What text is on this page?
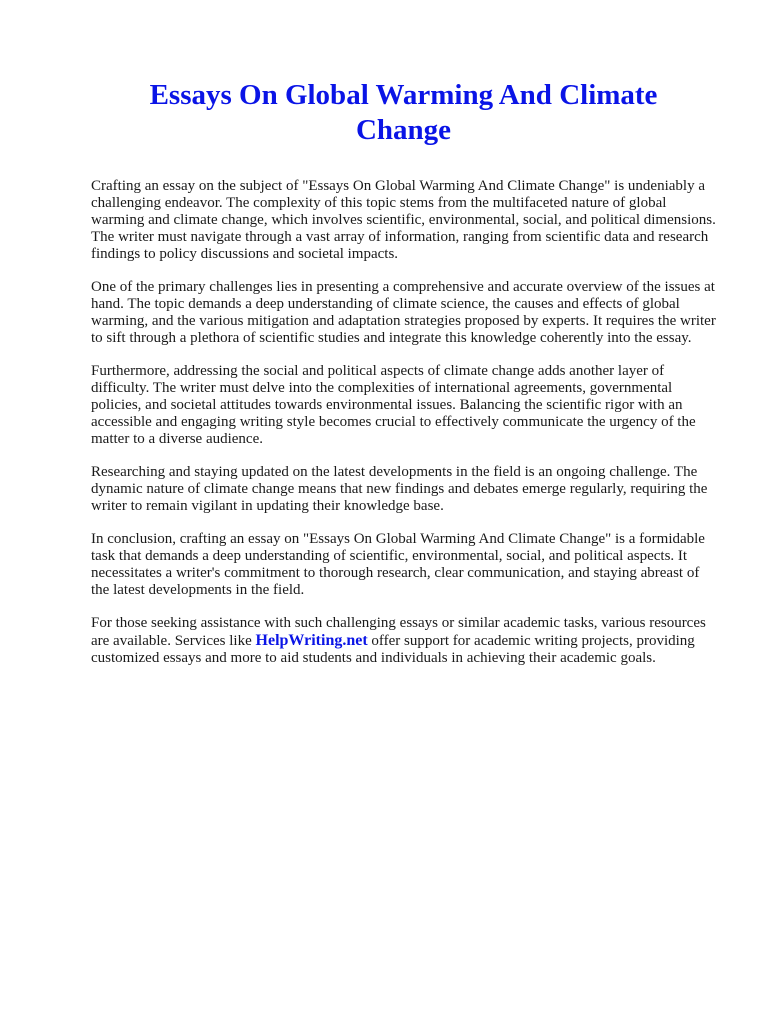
Essays On Global Warming And Climate
Change

Crafting an essay on the subject of "Essays On Global Warming And Climate Change" is undeniably a challenging endeavor. The complexity of this topic stems from the multifaceted nature of global warming and climate change, which involves scientific, environmental, social, and political dimensions. The writer must navigate through a vast array of information, ranging from scientific data and research findings to policy discussions and societal impacts.

One of the primary challenges lies in presenting a comprehensive and accurate overview of the issues at hand. The topic demands a deep understanding of climate science, the causes and effects of global warming, and the various mitigation and adaptation strategies proposed by experts. It requires the writer to sift through a plethora of scientific studies and integrate this knowledge coherently into the essay.

Furthermore, addressing the social and political aspects of climate change adds another layer of difficulty. The writer must delve into the complexities of international agreements, governmental policies, and societal attitudes towards environmental issues. Balancing the scientific rigor with an accessible and engaging writing style becomes crucial to effectively communicate the urgency of the matter to a diverse audience.

Researching and staying updated on the latest developments in the field is an ongoing challenge. The dynamic nature of climate change means that new findings and debates emerge regularly, requiring the writer to remain vigilant in updating their knowledge base.

In conclusion, crafting an essay on "Essays On Global Warming And Climate Change" is a formidable task that demands a deep understanding of scientific, environmental, social, and political aspects. It necessitates a writer's commitment to thorough research, clear communication, and staying abreast of the latest developments in the field.

For those seeking assistance with such challenging essays or similar academic tasks, various resources are available. Services like HelpWriting.net offer support for academic writing projects, providing customized essays and more to aid students and individuals in achieving their academic goals.
